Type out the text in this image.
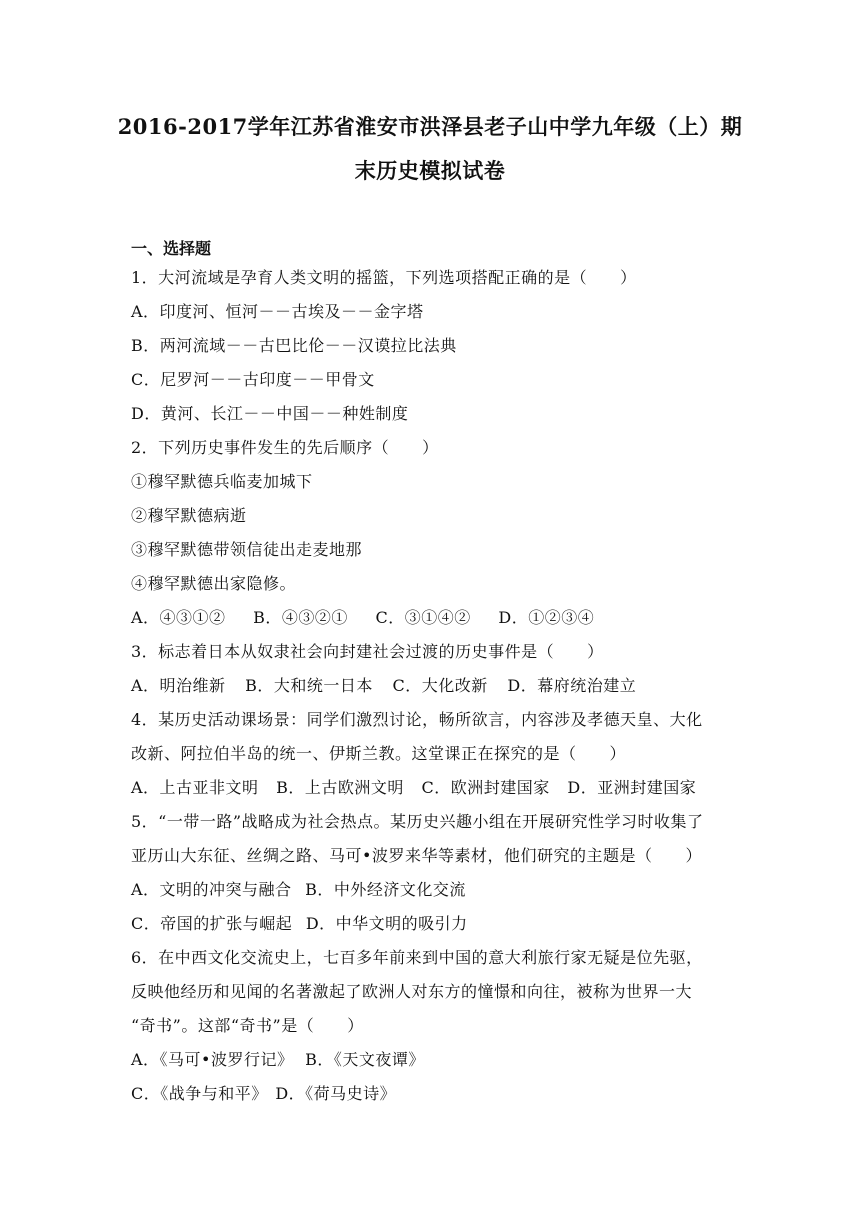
2016-2017学年江苏省淮安市洪泽县老子山中学九年级（上）期
末历史模拟试卷
一、选择题
1．大河流域是孕育人类文明的摇篮，下列选项搭配正确的是（　　）
A．印度河、恒河－－古埃及－－金字塔
B．两河流域－－古巴比伦－－汉谟拉比法典
C．尼罗河－－古印度－－甲骨文
D．黄河、长江－－中国－－种姓制度
2．下列历史事件发生的先后顺序（　　）
①穆罕默德兵临麦加城下
②穆罕默德病逝
③穆罕默德带领信徒出走麦地那
④穆罕默德出家隐修。
A．④③①② B．④③②① C．③①④② D．①②③④
3．标志着日本从奴隶社会向封建社会过渡的历史事件是（　　）
A．明治维新 B．大和统一日本 C．大化改新 D．幕府统治建立
4．某历史活动课场景：同学们激烈讨论，畅所欲言，内容涉及孝德天皇、大化
改新、阿拉伯半岛的统一、伊斯兰教。这堂课正在探究的是（　　）
A．上古亚非文明 B．上古欧洲文明 C．欧洲封建国家 D．亚洲封建国家
5．“一带一路”战略成为社会热点。某历史兴趣小组在开展研究性学习时收集了
亚历山大东征、丝绸之路、马可•波罗来华等素材，他们研究的主题是（　　）
A．文明的冲突与融合 B．中外经济文化交流
C．帝国的扩张与崛起 D．中华文明的吸引力
6．在中西文化交流史上，七百多年前来到中国的意大利旅行家无疑是位先驱，
反映他经历和见闻的名著激起了欧洲人对东方的憧憬和向往，被称为世界一大
“奇书”。这部“奇书”是（　　）
A．《马可•波罗行记》 B．《天文夜谭》
C．《战争与和平》 D．《荷马史诗》
